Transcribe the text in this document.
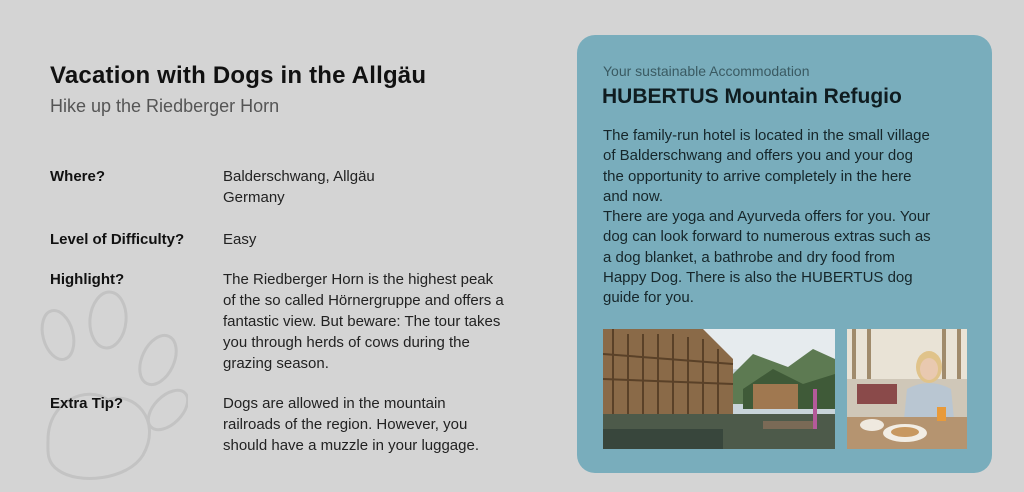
Vacation with Dogs in the Allgäu
Hike up the Riedberger Horn
Where?	Balderschwang, Allgäu
Germany
Level of Difficulty?	Easy
Highlight?	The Riedberger Horn is the highest peak
of the so called Hörnergruppe and offers a
fantastic view. But beware: The tour takes
you through herds of cows during the
grazing season.
Extra Tip?	Dogs are allowed in the mountain
railroads of the region. However, you
should have a muzzle in your luggage.
Your sustainable Accommodation
HUBERTUS Mountain Refugio

The family-run hotel is located in the small village

of Balderschwang and offers you and your dog

the opportunity to arrive completely in the here

and now.

There are yoga and Ayurveda offers for you. Your

dog can look forward to numerous extras such as

a dog blanket, a bathrobe and dry food from

Happy Dog. There is also the HUBERTUS dog

guide for you.
